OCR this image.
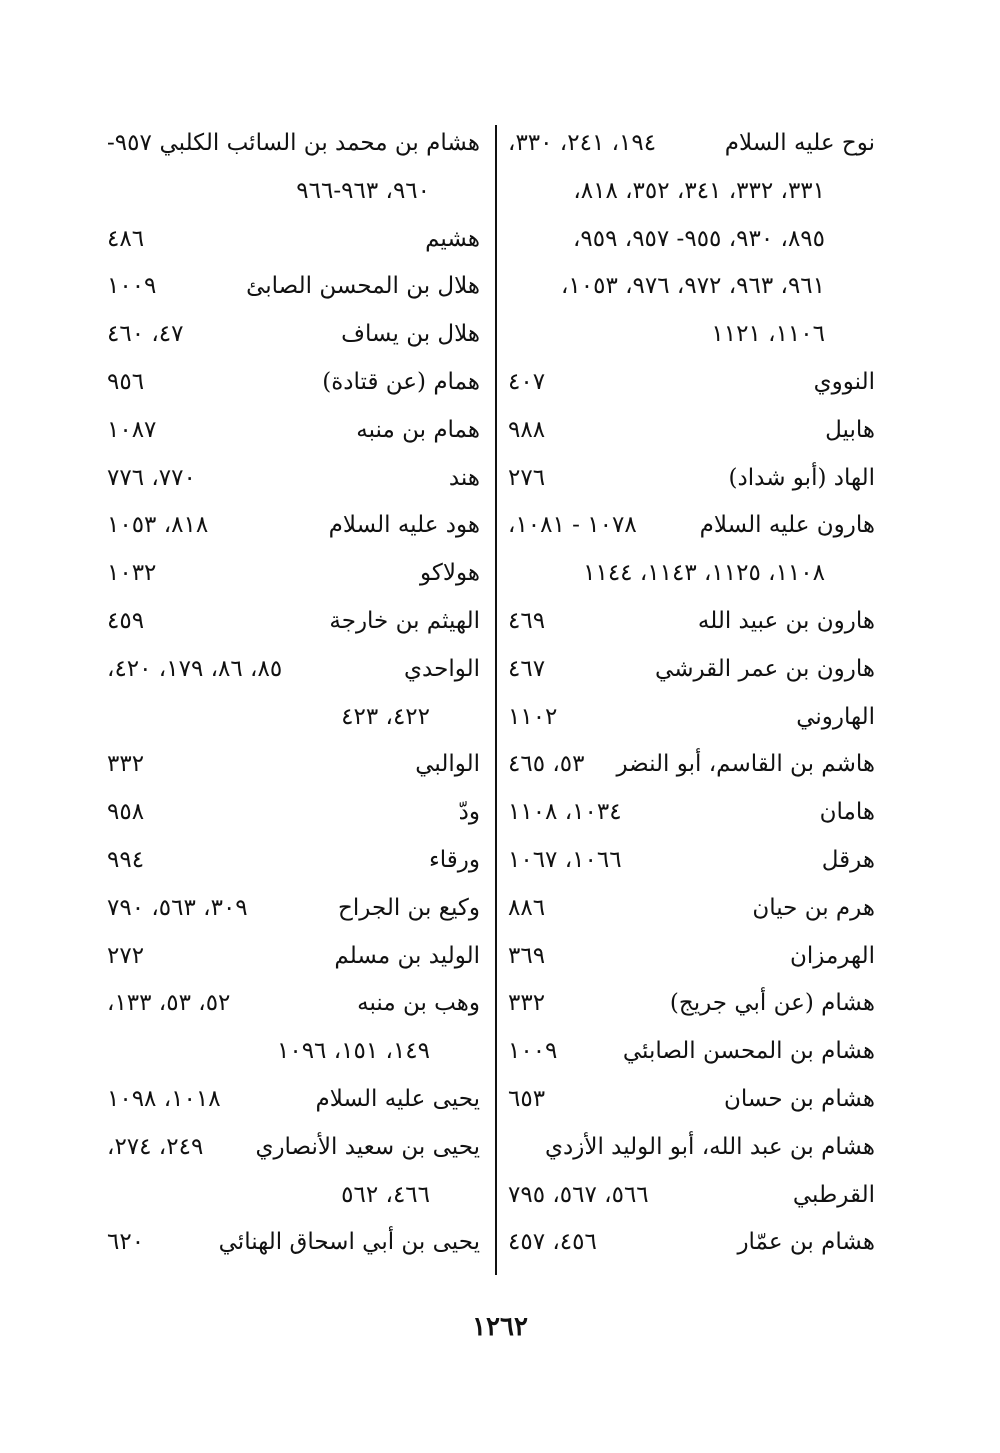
نوح عليه السلام
١٩٤، ٢٤١، ٣٣٠،
٣٣١، ٣٣٢، ٣٤١، ٣٥٢، ٨١٨،
٨٩٥، ٩٣٠، ٩٥٥- ٩٥٧، ٩٥٩،
٩٦١، ٩٦٣، ٩٧٢، ٩٧٦، ١٠٥٣،
١١٠٦، ١١٢١
النووي
٤٠٧
هابيل
٩٨٨
الهاد (أبو شداد)
٢٧٦
هارون عليه السلام
١٠٧٨ - ١٠٨١،
١١٠٨، ١١٢٥، ١١٤٣، ١١٤٤
هارون بن عبيد الله
٤٦٩
هارون بن عمر القرشي
٤٦٧
الهاروني
١١٠٢
هاشم بن القاسم، أبو النضر
٥٣، ٤٦٥
هامان
١٠٣٤، ١١٠٨
هرقل
١٠٦٦، ١٠٦٧
هرم بن حيان
٨٨٦
الهرمزان
٣٦٩
هشام (عن أبي جريج)
٣٣٢
هشام بن المحسن الصابئي
١٠٠٩
هشام بن حسان
٦٥٣
هشام بن عبد الله، أبو الوليد الأزدي
القرطبي
٥٦٦، ٥٦٧، ٧٩٥
هشام بن عمّار
٤٥٦، ٤٥٧
هشام بن محمد بن السائب الكلبي
٩٥٧-
٩٦٠، ٩٦٣-٩٦٦
هشيم
٤٨٦
هلال بن المحسن الصابئ
١٠٠٩
هلال بن يساف
٤٧، ٤٦٠
همام (عن قتادة)
٩٥٦
همام بن منبه
١٠٨٧
هند
٧٧٠، ٧٧٦
هود عليه السلام
٨١٨، ١٠٥٣
هولاكو
١٠٣٢
الهيثم بن خارجة
٤٥٩
الواحدي
٨٥، ٨٦، ١٧٩، ٤٢٠،
٤٢٢، ٤٢٣
الوالبي
٣٣٢
ودّ
٩٥٨
ورقاء
٩٩٤
وكيع بن الجراح
٣٠٩، ٥٦٣، ٧٩٠
الوليد بن مسلم
٢٧٢
وهب بن منبه
٥٢، ٥٣، ١٣٣،
١٤٩، ١٥١، ١٠٩٦
يحيى عليه السلام
١٠١٨، ١٠٩٨
يحيى بن سعيد الأنصاري
٢٤٩، ٢٧٤،
٤٦٦، ٥٦٢
يحيى بن أبي اسحاق الهنائي
٦٢٠
١٢٦٢
